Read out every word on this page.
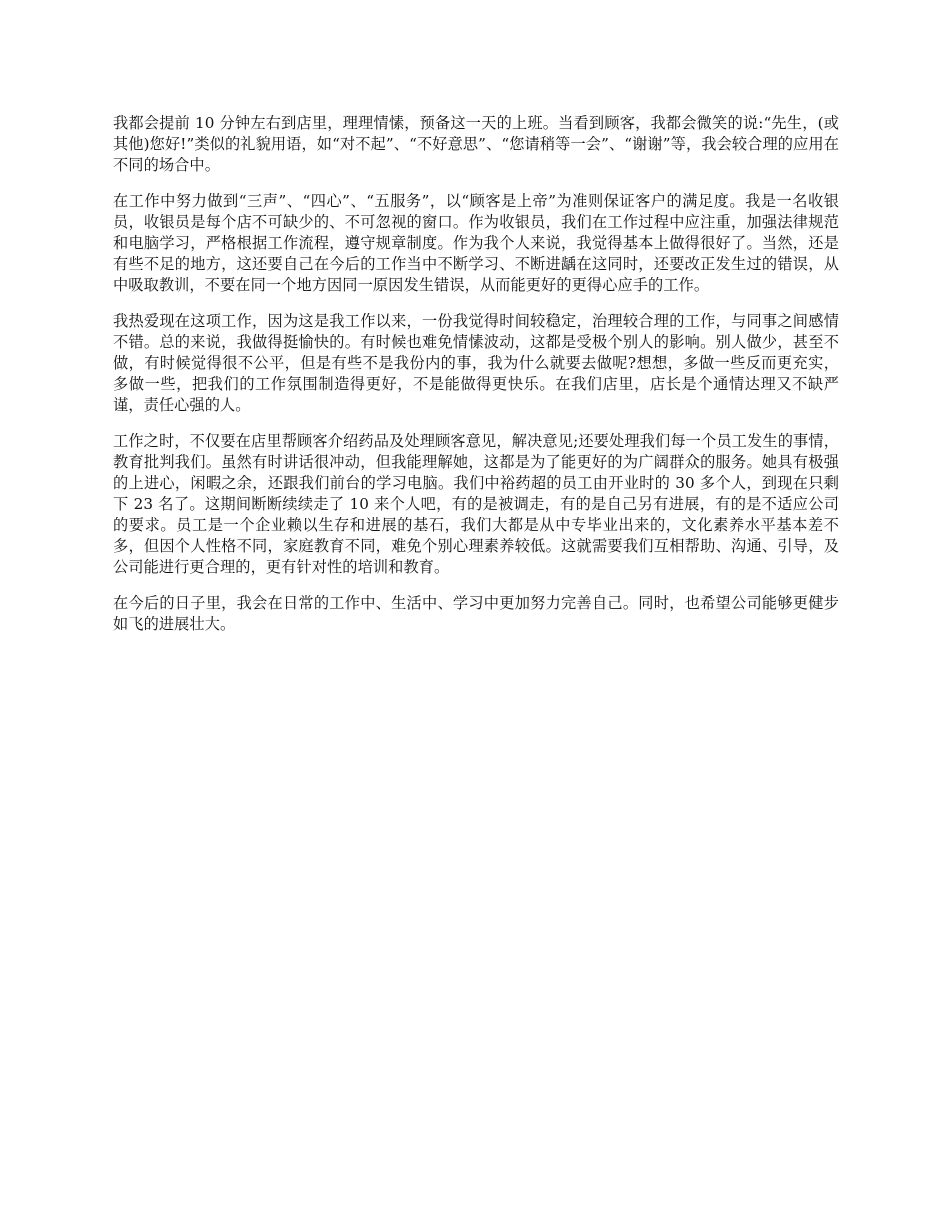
我都会提前 10 分钟左右到店里，理理情愫，预备这一天的上班。当看到顾客，我都会微笑的说:“先生，(或其他)您好!”类似的礼貌用语，如“对不起”、“不好意思”、“您请稍等一会”、“谢谢”等，我会较合理的应用在不同的场合中。

在工作中努力做到“三声”、“四心”、“五服务”，以“顾客是上帝”为准则保证客户的满足度。我是一名收银员，收银员是每个店不可缺少的、不可忽视的窗口。作为收银员，我们在工作过程中应注重，加强法律规范和电脑学习，严格根据工作流程，遵守规章制度。作为我个人来说，我觉得基本上做得很好了。当然，还是有些不足的地方，这还要自己在今后的工作当中不断学习、不断进龋在这同时，还要改正发生过的错误，从中吸取教训，不要在同一个地方因同一原因发生错误，从而能更好的更得心应手的工作。

我热爱现在这项工作，因为这是我工作以来，一份我觉得时间较稳定，治理较合理的工作，与同事之间感情不错。总的来说，我做得挺愉快的。有时候也难免情愫波动，这都是受极个别人的影响。别人做少，甚至不做，有时候觉得很不公平，但是有些不是我份内的事，我为什么就要去做呢?想想，多做一些反而更充实，多做一些，把我们的工作氛围制造得更好，不是能做得更快乐。在我们店里，店长是个通情达理又不缺严谨，责任心强的人。

工作之时，不仅要在店里帮顾客介绍药品及处理顾客意见，解决意见;还要处理我们每一个员工发生的事情，教育批判我们。虽然有时讲话很冲动，但我能理解她，这都是为了能更好的为广阔群众的服务。她具有极强的上进心，闲暇之余，还跟我们前台的学习电脑。我们中裕药超的员工由开业时的 30 多个人，到现在只剩下 23 名了。这期间断断续续走了 10 来个人吧，有的是被调走，有的是自己另有进展，有的是不适应公司的要求。员工是一个企业赖以生存和进展的基石，我们大都是从中专毕业出来的，文化素养水平基本差不多，但因个人性格不同，家庭教育不同，难免个别心理素养较低。这就需要我们互相帮助、沟通、引导，及公司能进行更合理的，更有针对性的培训和教育。

在今后的日子里，我会在日常的工作中、生活中、学习中更加努力完善自己。同时，也希望公司能够更健步如飞的进展壮大。
